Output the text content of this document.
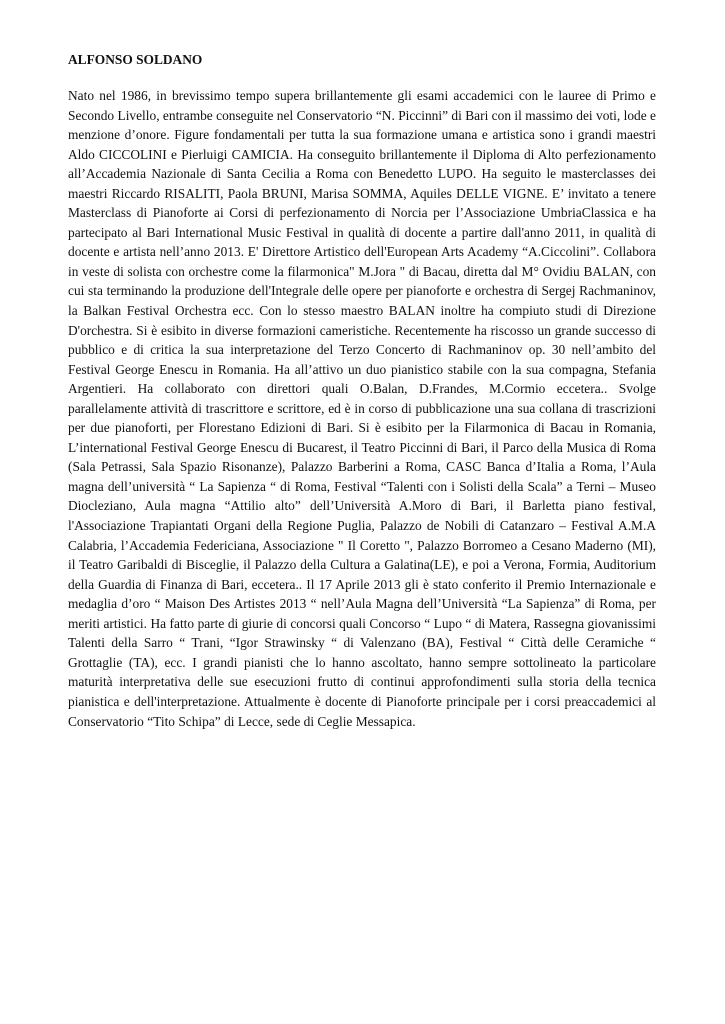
ALFONSO SOLDANO

Nato nel 1986, in brevissimo tempo supera brillantemente gli esami accademici con le lauree di Primo e Secondo Livello, entrambe conseguite nel Conservatorio “N. Piccinni” di Bari con il massimo dei voti, lode e menzione d’onore. Figure fondamentali per tutta la sua formazione umana e artistica sono i grandi maestri Aldo CICCOLINI e Pierluigi CAMICIA. Ha conseguito brillantemente il Diploma di Alto perfezionamento all’Accademia Nazionale di Santa Cecilia a Roma con Benedetto LUPO. Ha seguito le masterclasses dei maestri Riccardo RISALITI, Paola BRUNI, Marisa SOMMA, Aquiles DELLE VIGNE. E’ invitato a tenere Masterclass di Pianoforte ai Corsi di perfezionamento di Norcia per l’Associazione UmbriaClassica e ha partecipato al Bari International Music Festival in qualità di docente a partire dall'anno 2011, in qualità di docente e artista nell’anno 2013. E' Direttore Artistico dell'European Arts Academy “A.Ciccolini”. Collabora in veste di solista con orchestre come la filarmonica" M.Jora " di Bacau, diretta dal M° Ovidiu BALAN, con cui sta terminando la produzione dell'Integrale delle opere per pianoforte e orchestra di Sergej Rachmaninov, la Balkan Festival Orchestra ecc. Con lo stesso maestro BALAN inoltre ha compiuto studi di Direzione D'orchestra. Si è esibito in diverse formazioni cameristiche. Recentemente ha riscosso un grande successo di pubblico e di critica la sua interpretazione del Terzo Concerto di Rachmaninov op. 30 nell’ambito del Festival George Enescu in Romania. Ha all’attivo un duo pianistico stabile con la sua compagna, Stefania Argentieri. Ha collaborato con direttori quali O.Balan, D.Frandes, M.Cormio eccetera.. Svolge parallelamente attività di trascrittore e scrittore, ed è in corso di pubblicazione una sua collana di trascrizioni per due pianoforti, per Florestano Edizioni di Bari. Si è esibito per la Filarmonica di Bacau in Romania, L’international Festival George Enescu di Bucarest, il Teatro Piccinni di Bari, il Parco della Musica di Roma (Sala Petrassi, Sala Spazio Risonanze), Palazzo Barberini a Roma, CASC Banca d’Italia a Roma, l’Aula magna dell’università “ La Sapienza “ di Roma, Festival “Talenti con i Solisti della Scala” a Terni – Museo Diocleziano, Aula magna “Attilio alto” dell’Università A.Moro di Bari, il Barletta piano festival, l'Associazione Trapiantati Organi della Regione Puglia, Palazzo de Nobili di Catanzaro – Festival A.M.A Calabria, l’Accademia Federiciana, Associazione " Il Coretto ", Palazzo Borromeo a Cesano Maderno (MI), il Teatro Garibaldi di Bisceglie, il Palazzo della Cultura a Galatina(LE), e poi a Verona, Formia, Auditorium della Guardia di Finanza di Bari, eccetera.. Il 17 Aprile 2013 gli è stato conferito il Premio Internazionale e medaglia d’oro “ Maison Des Artistes 2013 “ nell’Aula Magna dell’Università “La Sapienza” di Roma, per meriti artistici. Ha fatto parte di giurie di concorsi quali Concorso “ Lupo “ di Matera, Rassegna giovanissimi Talenti della Sarro “ Trani, “Igor Strawinsky “ di Valenzano (BA), Festival “ Città delle Ceramiche “ Grottaglie (TA), ecc. I grandi pianisti che lo hanno ascoltato, hanno sempre sottolineato la particolare maturità interpretativa delle sue esecuzioni frutto di continui approfondimenti sulla storia della tecnica pianistica e dell'interpretazione. Attualmente è docente di Pianoforte principale per i corsi preaccademici al Conservatorio “Tito Schipa” di Lecce, sede di Ceglie Messapica.
